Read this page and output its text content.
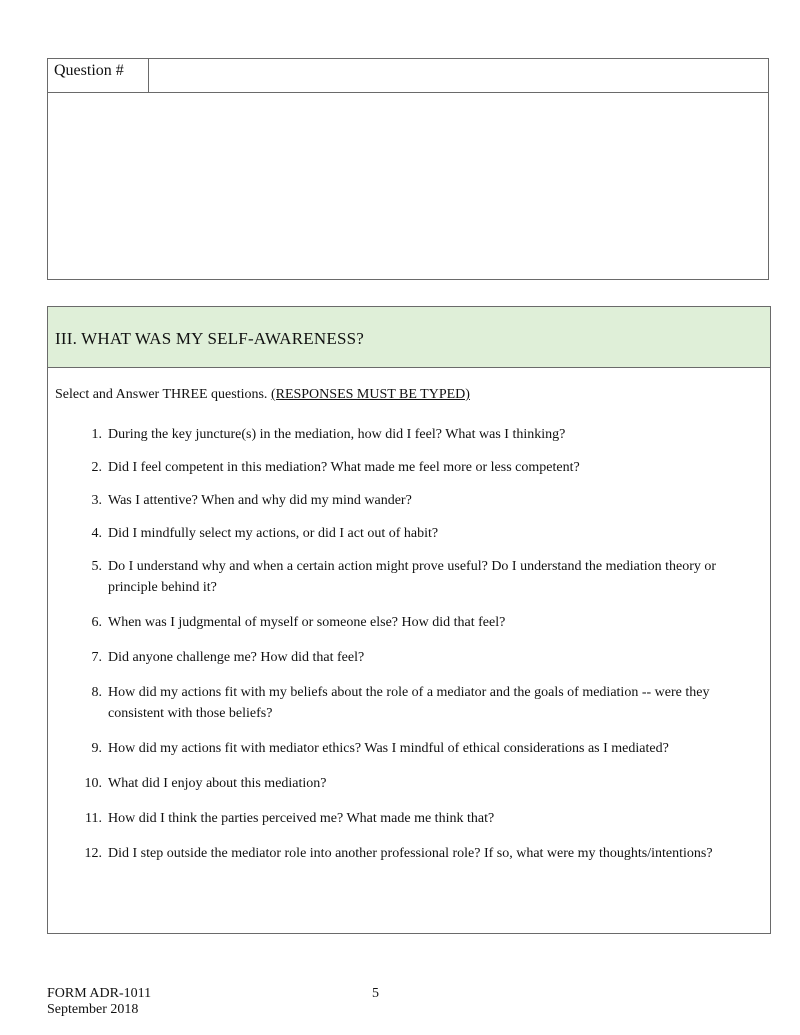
Question #
III. WHAT WAS MY SELF-AWARENESS?
Select and Answer THREE questions. (RESPONSES MUST BE TYPED)
1. During the key juncture(s) in the mediation, how did I feel? What was I thinking?
2. Did I feel competent in this mediation? What made me feel more or less competent?
3. Was I attentive? When and why did my mind wander?
4. Did I mindfully select my actions, or did I act out of habit?
5. Do I understand why and when a certain action might prove useful? Do I understand the mediation theory or principle behind it?
6. When was I judgmental of myself or someone else? How did that feel?
7. Did anyone challenge me? How did that feel?
8. How did my actions fit with my beliefs about the role of a mediator and the goals of mediation -- were they consistent with those beliefs?
9. How did my actions fit with mediator ethics? Was I mindful of ethical considerations as I mediated?
10. What did I enjoy about this mediation?
11. How did I think the parties perceived me? What made me think that?
12. Did I step outside the mediator role into another professional role? If so, what were my thoughts/intentions?
FORM ADR-1011
September 2018
5
